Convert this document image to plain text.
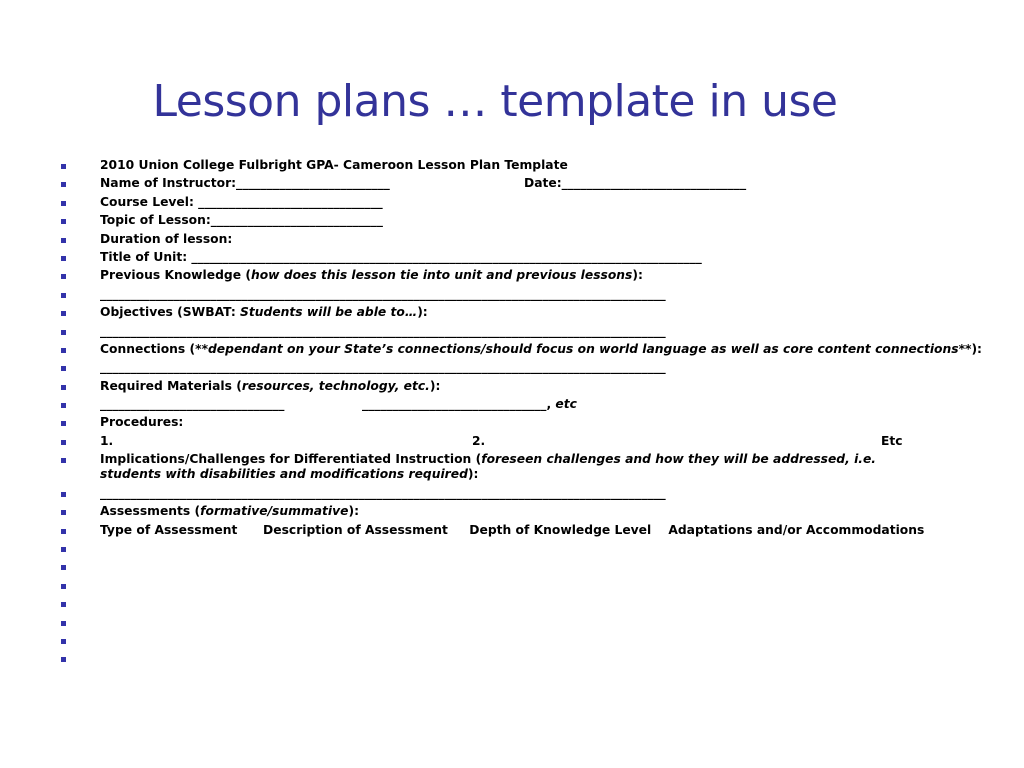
Lesson plans … template in use
2010 Union College Fulbright GPA- Cameroon Lesson Plan Template
Name of Instructor:_________________________	Date:______________________________
Course Level: ______________________________
Topic of Lesson:____________________________
Duration of lesson:
Title of Unit: ___________________________________________________________________________________
Previous Knowledge (how does this lesson tie into unit and previous lessons):
____________________________________________________________________________________________
Objectives (SWBAT: Students will be able to…):
____________________________________________________________________________________________
Connections (**dependant on your State’s connections/should focus on world language as well as core content connections**):
____________________________________________________________________________________________
Required Materials (resources, technology, etc.):
______________________________	______________________________, etc
Procedures:
1.	2.	Etc
Implications/Challenges for Differentiated Instruction (foreseen challenges and how they will be addressed, i.e. students with disabilities and modifications required):
____________________________________________________________________________________________
Assessments (formative/summative):
Type of Assessment      Description of Assessment     Depth of Knowledge Level    Adaptations and/or Accommodations
